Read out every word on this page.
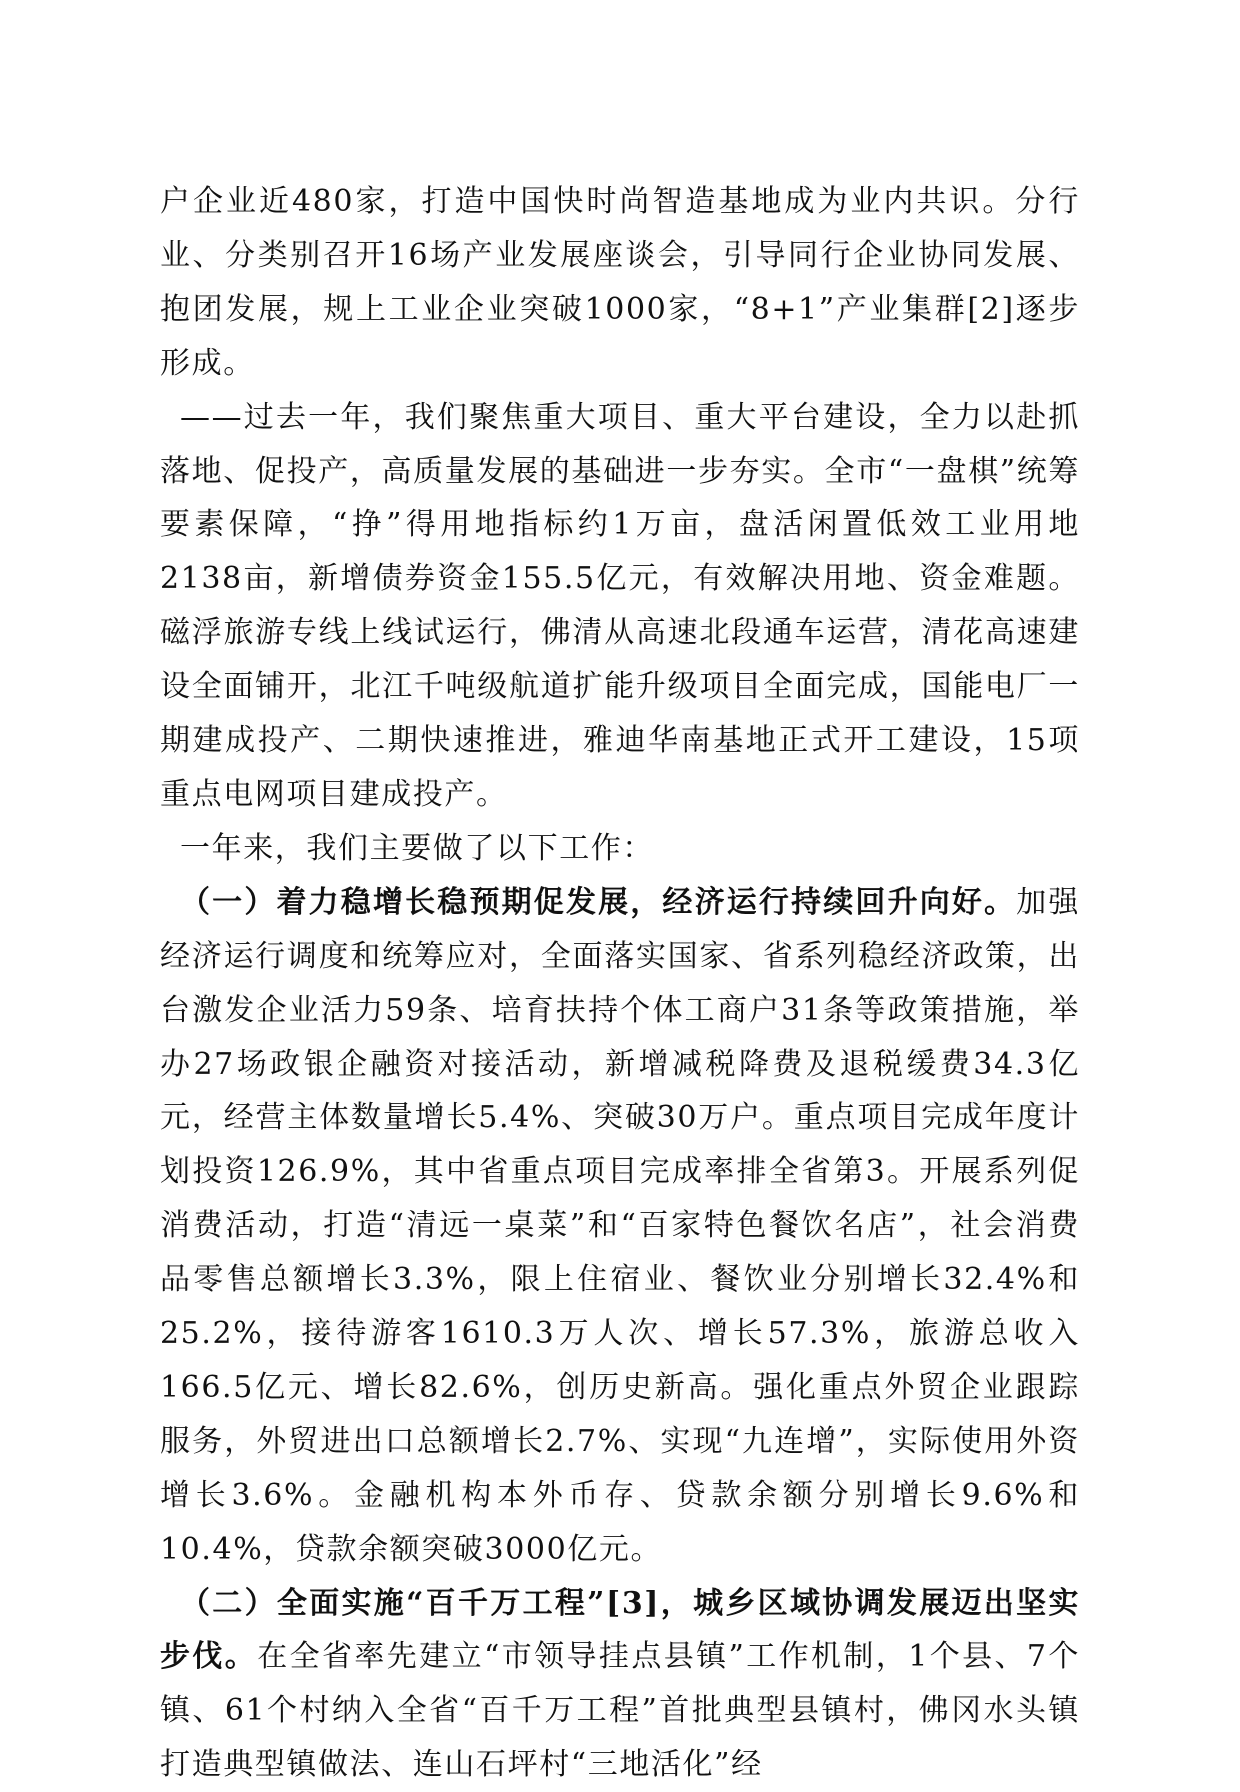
户企业近480家，打造中国快时尚智造基地成为业内共识。分行业、分类别召开16场产业发展座谈会，引导同行企业协同发展、抱团发展，规上工业企业突破1000家，“8+1”产业集群[2]逐步形成。

——过去一年，我们聚焦重大项目、重大平台建设，全力以赴抓落地、促投产，高质量发展的基础进一步夯实。全市“一盘棋”统筹要素保障，“挣”得用地指标约1万亩，盘活闲置低效工业用地2138亩，新增债券资金155.5亿元，有效解决用地、资金难题。磁浮旅游专线上线试运行，佛清从高速北段通车运营，清花高速建设全面铺开，北江千吨级航道扩能升级项目全面完成，国能电厂一期建成投产、二期快速推进，雅迪华南基地正式开工建设，15项重点电网项目建成投产。

一年来，我们主要做了以下工作：

（一）着力稳增长稳预期促发展，经济运行持续回升向好。加强经济运行调度和统筹应对，全面落实国家、省系列稳经济政策，出台激发企业活力59条、培育扶持个体工商户31条等政策措施，举办27场政银企融资对接活动，新增减税降费及退税缓费34.3亿元，经营主体数量增长5.4%、突破30万户。重点项目完成年度计划投资126.9%，其中省重点项目完成率排全省第3。开展系列促消费活动，打造“清远一桌菜”和“百家特色餐饮名店”，社会消费品零售总额增长3.3%，限上住宿业、餐饮业分别增长32.4%和25.2%，接待游客1610.3万人次、增长57.3%，旅游总收入166.5亿元、增长82.6%，创历史新高。强化重点外贸企业跟踪服务，外贸进出口总额增长2.7%、实现“九连增”，实际使用外资增长3.6%。金融机构本外币存、贷款余额分别增长9.6%和10.4%，贷款余额突破3000亿元。

（二）全面实施“百千万工程”[3]，城乡区域协调发展迈出坚实步伐。在全省率先建立“市领导挂点县镇”工作机制，1个县、7个镇、61个村纳入全省“百千万工程”首批典型县镇村，佛冈水头镇打造典型镇做法、连山石坪村“三地活化”经
